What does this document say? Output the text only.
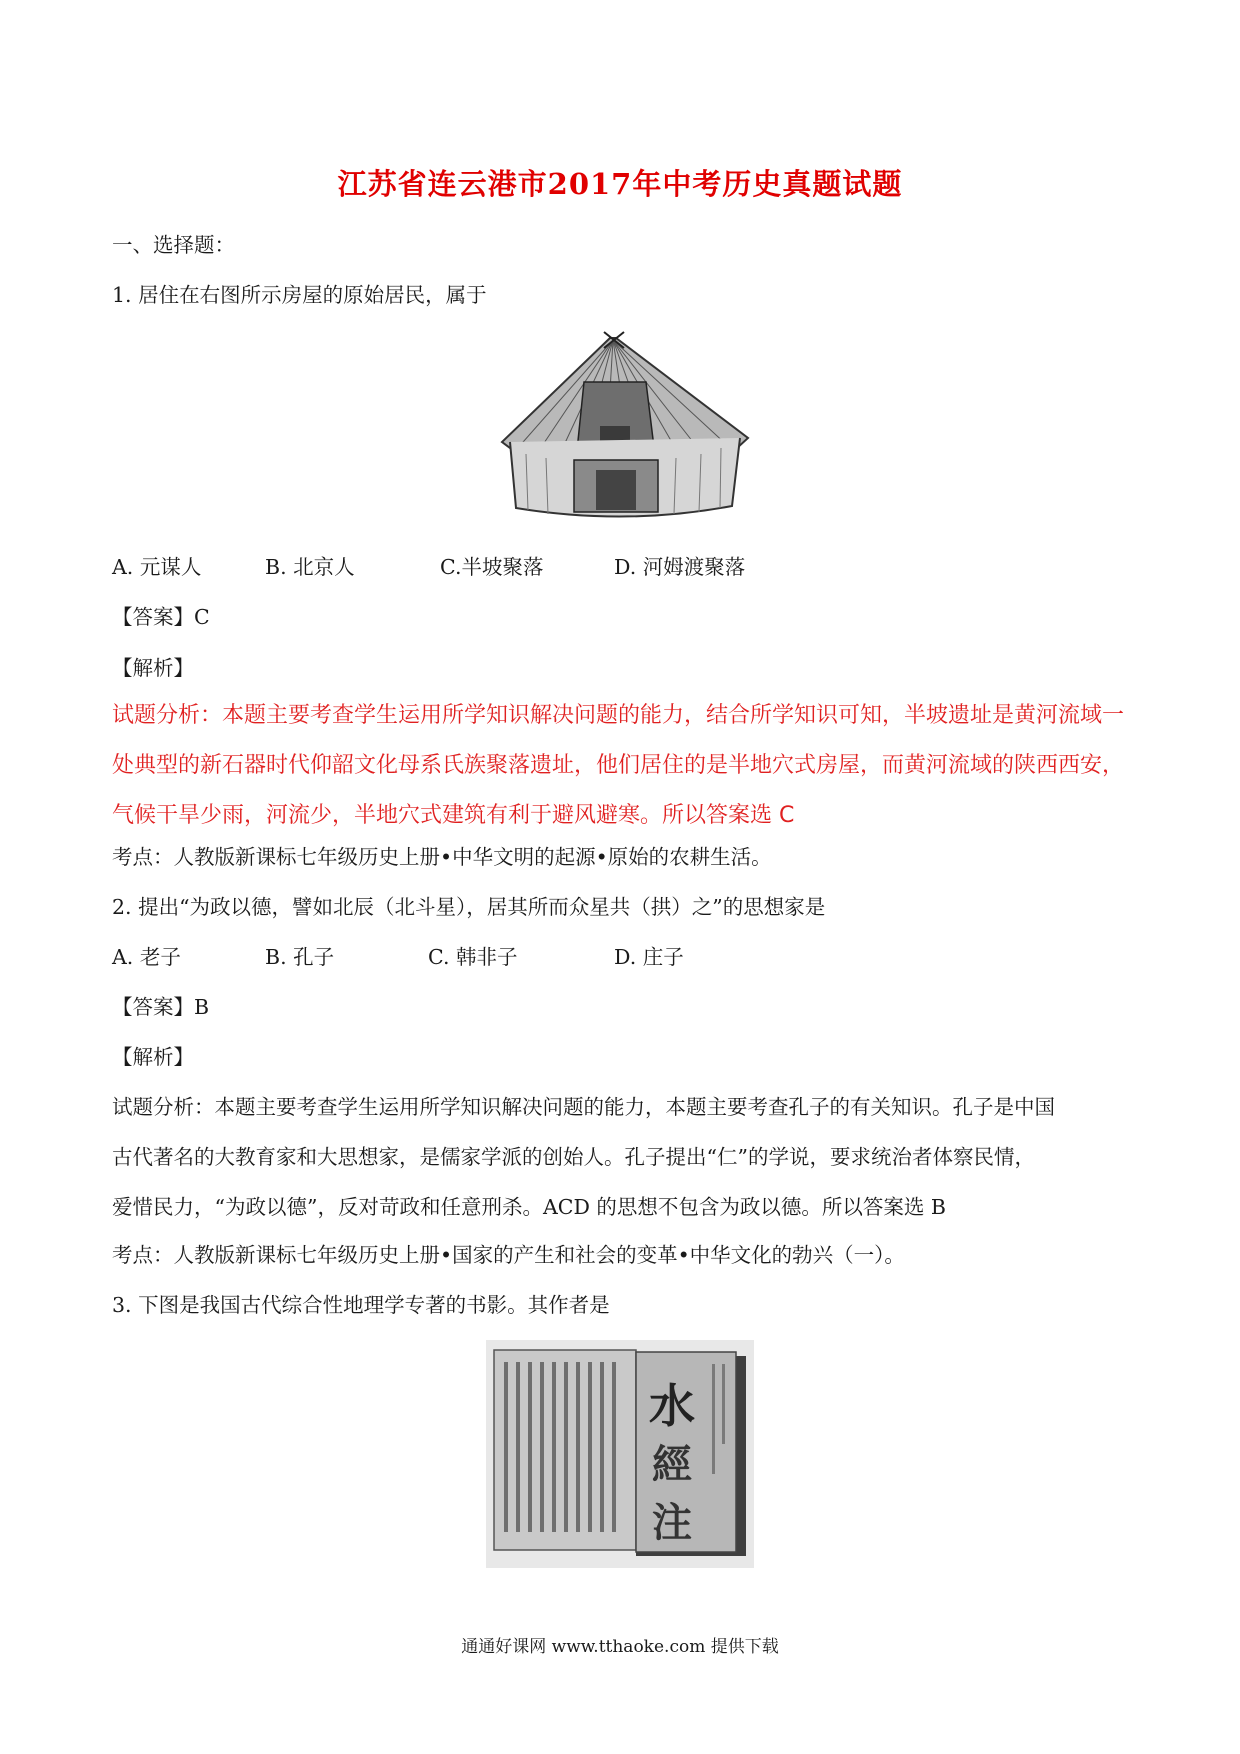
江苏省连云港市2017年中考历史真题试题
一、选择题：
1. 居住在右图所示房屋的原始居民，属于
A. 元谋人	B. 北京人	C.半坡聚落	D. 河姆渡聚落
【答案】C
【解析】
试题分析：本题主要考查学生运用所学知识解决问题的能力，结合所学知识可知，半坡遗址是黄河流域一
处典型的新石器时代仰韶文化母系氏族聚落遗址，他们居住的是半地穴式房屋，而黄河流域的陕西西安，
气候干旱少雨，河流少，半地穴式建筑有利于避风避寒。所以答案选 C
考点：人教版新课标七年级历史上册•中华文明的起源•原始的农耕生活。
2. 提出“为政以德，譬如北辰（北斗星），居其所而众星共（拱）之”的思想家是
A. 老子	B. 孔子	C. 韩非子	D. 庄子
【答案】B
【解析】
试题分析：本题主要考查学生运用所学知识解决问题的能力，本题主要考查孔子的有关知识。孔子是中国
古代著名的大教育家和大思想家，是儒家学派的创始人。孔子提出“仁”的学说，要求统治者体察民情，
爱惜民力，“为政以德”，反对苛政和任意刑杀。ACD 的思想不包含为政以德。所以答案选 B
考点：人教版新课标七年级历史上册•国家的产生和社会的变革•中华文化的勃兴（一）。
3. 下图是我国古代综合性地理学专著的书影。其作者是
水
經
注
通通好课网 www.tthaoke.com 提供下载
